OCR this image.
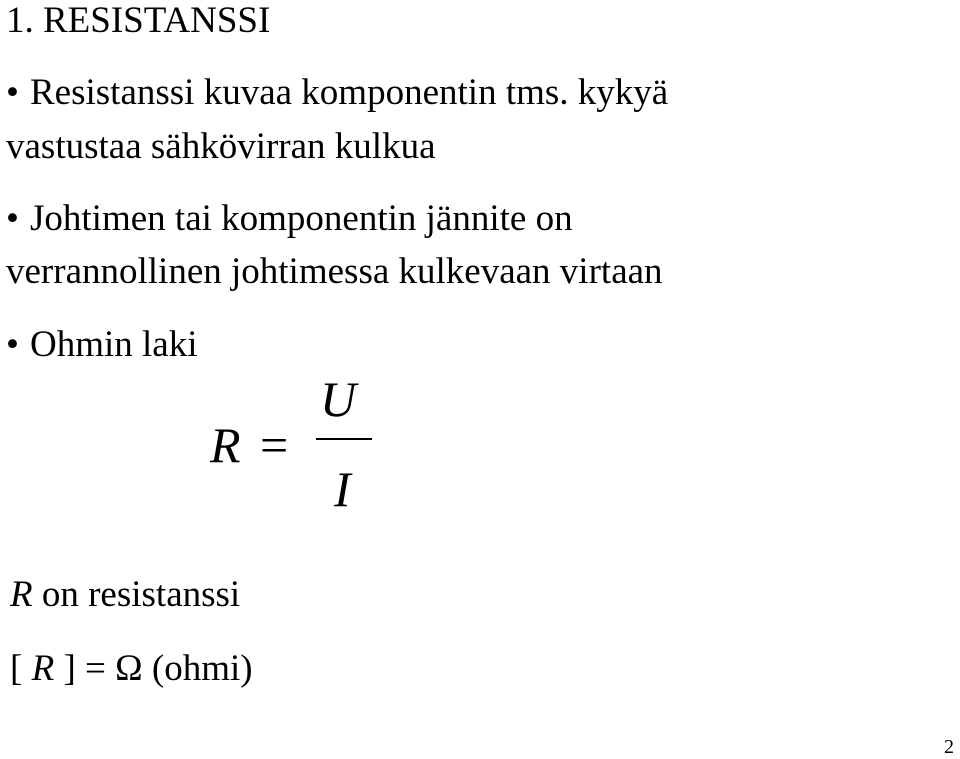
1. RESISTANSSI
• Resistanssi kuvaa komponentin tms. kykyä
vastustaa sähkövirran kulkua
• Johtimen tai komponentin jännite on
verrannollinen johtimessa kulkevaan virtaan
• Ohmin laki
R =
U
I
R on resistanssi
[ R ] = Ω (ohmi)
2
